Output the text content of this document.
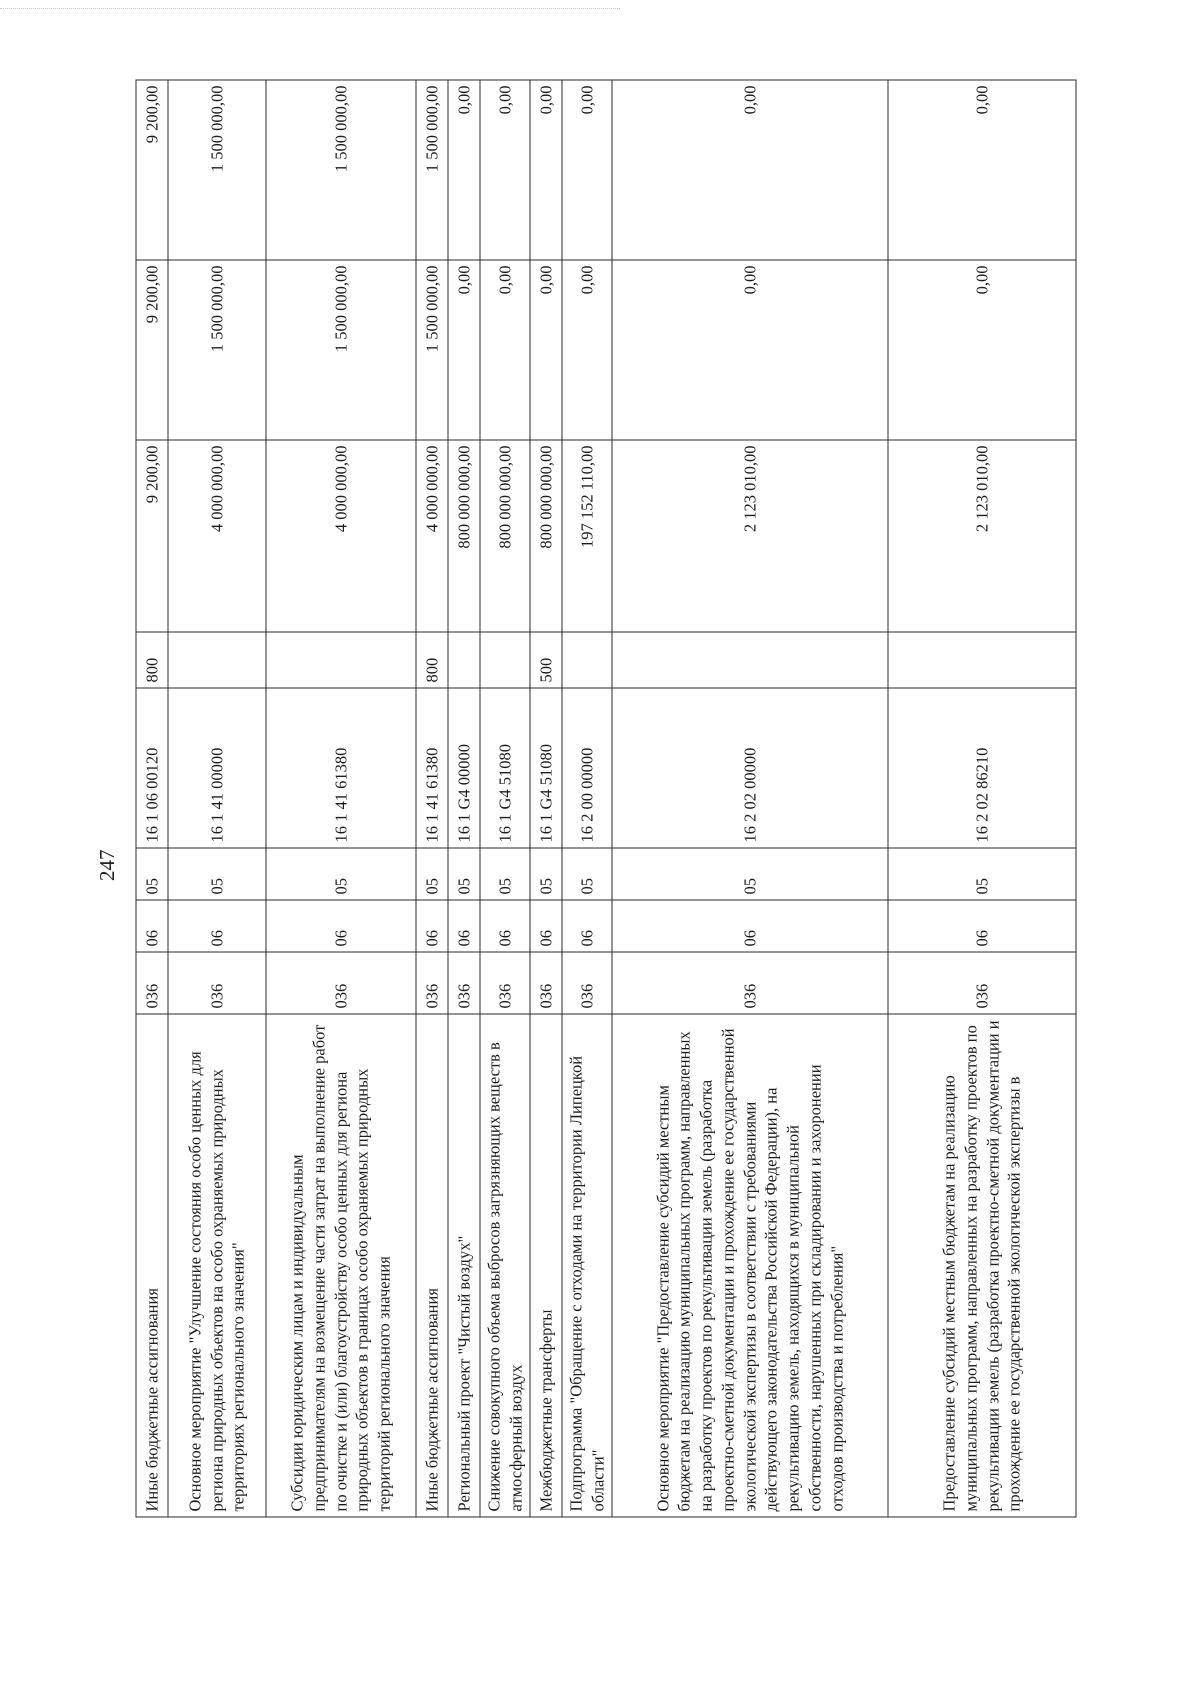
247
Иные бюджетные ассигнования	036	06	05	16 1 06 00120	800	9 200,00	9 200,00	9 200,00
Основное мероприятие "Улучшение состояния особо ценных для региона природных объектов на особо охраняемых природных территориях регионального значения"	036	06	05	16 1 41 00000		4 000 000,00	1 500 000,00	1 500 000,00
Субсидии юридическим лицам и индивидуальным предпринимателям на возмещение части затрат на выполнение работ по очистке и (или) благоустройству особо ценных для региона природных объектов в границах особо охраняемых природных территорий регионального значения	036	06	05	16 1 41 61380		4 000 000,00	1 500 000,00	1 500 000,00
Иные бюджетные ассигнования	036	06	05	16 1 41 61380	800	4 000 000,00	1 500 000,00	1 500 000,00
Региональный проект "Чистый воздух"	036	06	05	16 1 G4 00000		800 000 000,00	0,00	0,00
Снижение совокупного объема выбросов загрязняющих веществ в атмосферный воздух	036	06	05	16 1 G4 51080		800 000 000,00	0,00	0,00
Межбюджетные трансферты	036	06	05	16 1 G4 51080	500	800 000 000,00	0,00	0,00
Подпрограмма "Обращение с отходами на территории Липецкой области"	036	06	05	16 2 00 00000		197 152 110,00	0,00	0,00
Основное мероприятие "Предоставление субсидий местным бюджетам на реализацию муниципальных программ, направленных на разработку проектов по рекультивации земель (разработка проектно-сметной документации и прохождение ее государственной экологической экспертизы в соответствии с требованиями действующего законодательства Российской Федерации), на рекультивацию земель, находящихся в муниципальной собственности, нарушенных при складировании и захоронении отходов производства и потребления"	036	06	05	16 2 02 00000		2 123 010,00	0,00	0,00
Предоставление субсидий местным бюджетам на реализацию муниципальных программ, направленных на разработку проектов по рекультивации земель (разработка проектно-сметной документации и прохождение ее государственной экологической экспертизы в	036	06	05	16 2 02 86210		2 123 010,00	0,00	0,00
